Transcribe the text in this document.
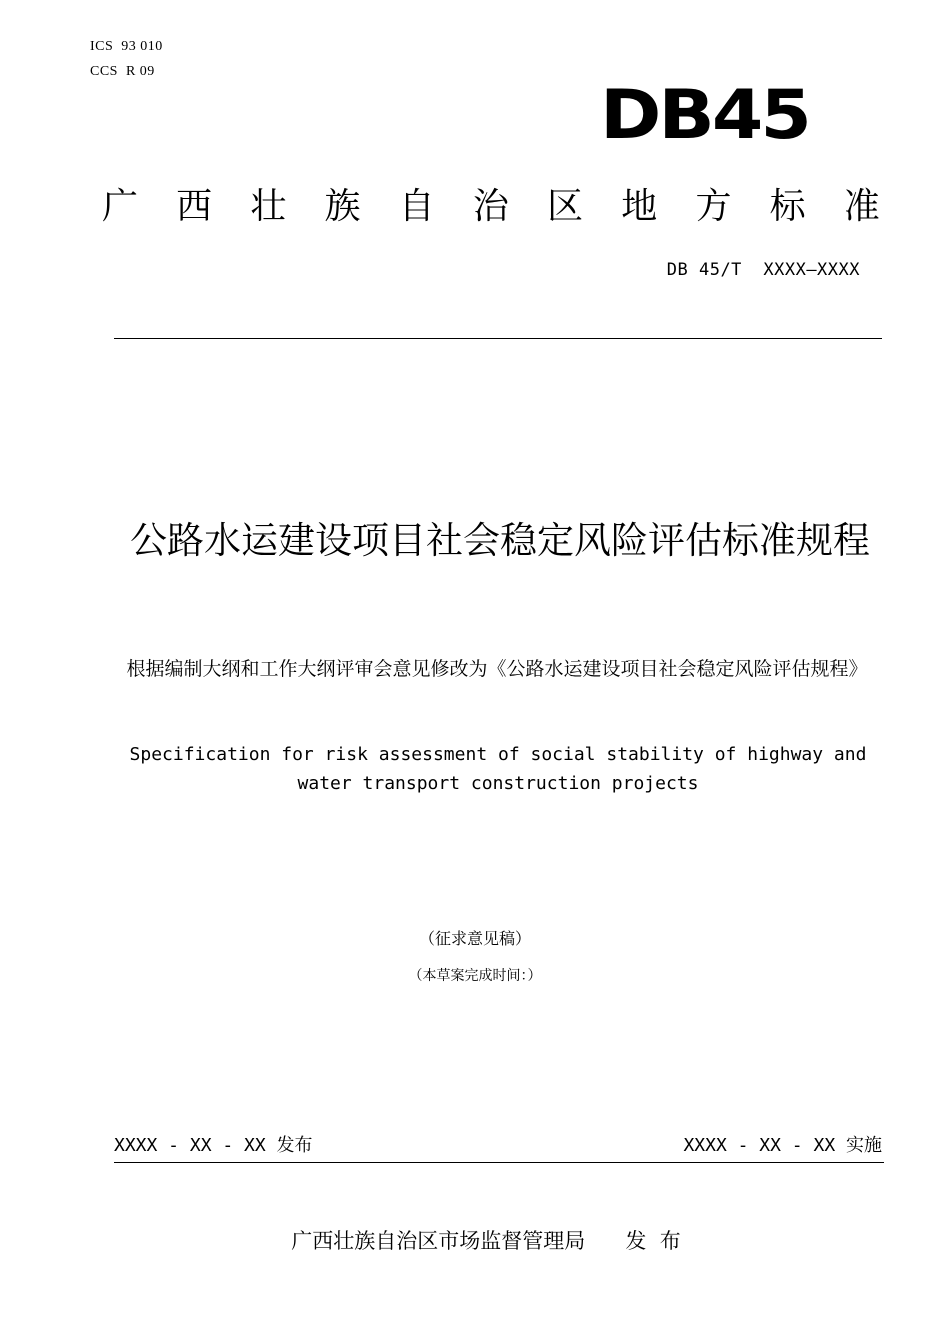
ICS  93 010
CCS  R 09
DB45
广 西 壮 族 自 治 区 地 方 标 准
DB 45/T  XXXX—XXXX
公路水运建设项目社会稳定风险评估标准规程
根据编制大纲和工作大纲评审会意见修改为《公路水运建设项目社会稳定风险评估规程》
Specification for risk assessment of social stability of highway and water transport construction projects
（征求意见稿）
（本草案完成时间：）
XXXX - XX - XX 发布	XXXX - XX - XX 实施
广西壮族自治区市场监督管理局      发  布
